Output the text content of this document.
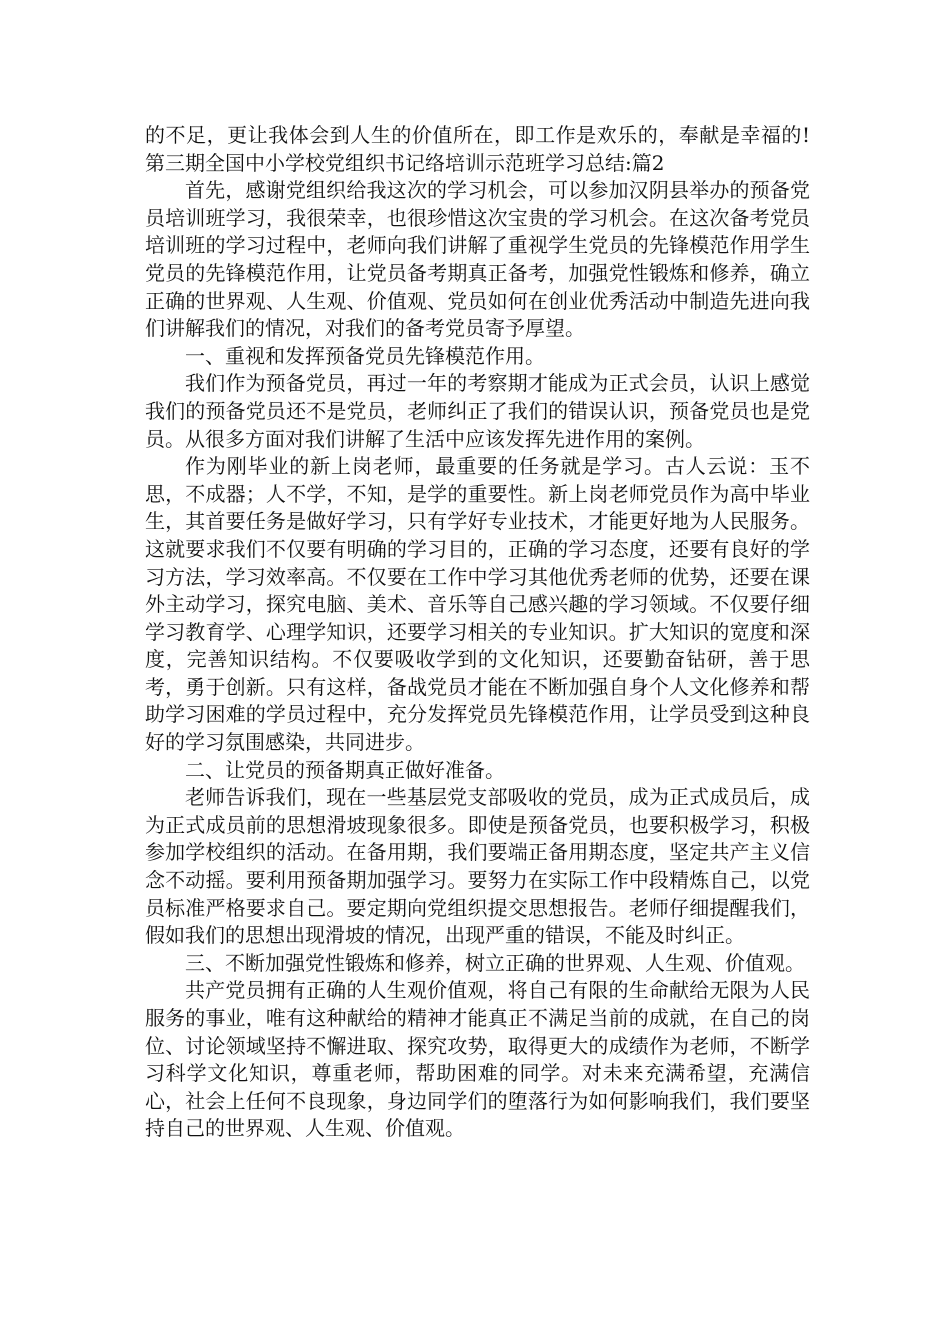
的不足，更让我体会到人生的价值所在，即工作是欢乐的，奉献是幸福的!第三期全国中小学校党组织书记络培训示范班学习总结:篇2

首先，感谢党组织给我这次的学习机会，可以参加汉阴县举办的预备党员培训班学习，我很荣幸，也很珍惜这次宝贵的学习机会。在这次备考党员培训班的学习过程中，老师向我们讲解了重视学生党员的先锋模范作用学生党员的先锋模范作用，让党员备考期真正备考，加强党性锻炼和修养，确立正确的世界观、人生观、价值观、党员如何在创业优秀活动中制造先进向我们讲解我们的情况，对我们的备考党员寄予厚望。

一、重视和发挥预备党员先锋模范作用。

我们作为预备党员，再过一年的考察期才能成为正式会员，认识上感觉我们的预备党员还不是党员，老师纠正了我们的错误认识，预备党员也是党员。从很多方面对我们讲解了生活中应该发挥先进作用的案例。

作为刚毕业的新上岗老师，最重要的任务就是学习。古人云说：玉不思，不成器；人不学，不知，是学的重要性。新上岗老师党员作为高中毕业生，其首要任务是做好学习，只有学好专业技术，才能更好地为人民服务。这就要求我们不仅要有明确的学习目的，正确的学习态度，还要有良好的学习方法，学习效率高。不仅要在工作中学习其他优秀老师的优势，还要在课外主动学习，探究电脑、美术、音乐等自己感兴趣的学习领域。不仅要仔细学习教育学、心理学知识，还要学习相关的专业知识。扩大知识的宽度和深度，完善知识结构。不仅要吸收学到的文化知识，还要勤奋钻研，善于思考，勇于创新。只有这样，备战党员才能在不断加强自身个人文化修养和帮助学习困难的学员过程中，充分发挥党员先锋模范作用，让学员受到这种良好的学习氛围感染，共同进步。

二、让党员的预备期真正做好准备。

老师告诉我们，现在一些基层党支部吸收的党员，成为正式成员后，成为正式成员前的思想滑坡现象很多。即使是预备党员，也要积极学习，积极参加学校组织的活动。在备用期，我们要端正备用期态度，坚定共产主义信念不动摇。要利用预备期加强学习。要努力在实际工作中段精炼自己，以党员标准严格要求自己。要定期向党组织提交思想报告。老师仔细提醒我们，假如我们的思想出现滑坡的情况，出现严重的错误，不能及时纠正。

三、不断加强党性锻炼和修养，树立正确的世界观、人生观、价值观。

共产党员拥有正确的人生观价值观，将自己有限的生命献给无限为人民服务的事业，唯有这种献给的精神才能真正不满足当前的成就，在自己的岗位、讨论领域坚持不懈进取、探究攻势，取得更大的成绩作为老师，不断学习科学文化知识，尊重老师，帮助困难的同学。对未来充满希望，充满信心，社会上任何不良现象，身边同学们的堕落行为如何影响我们，我们要坚持自己的世界观、人生观、价值观。
